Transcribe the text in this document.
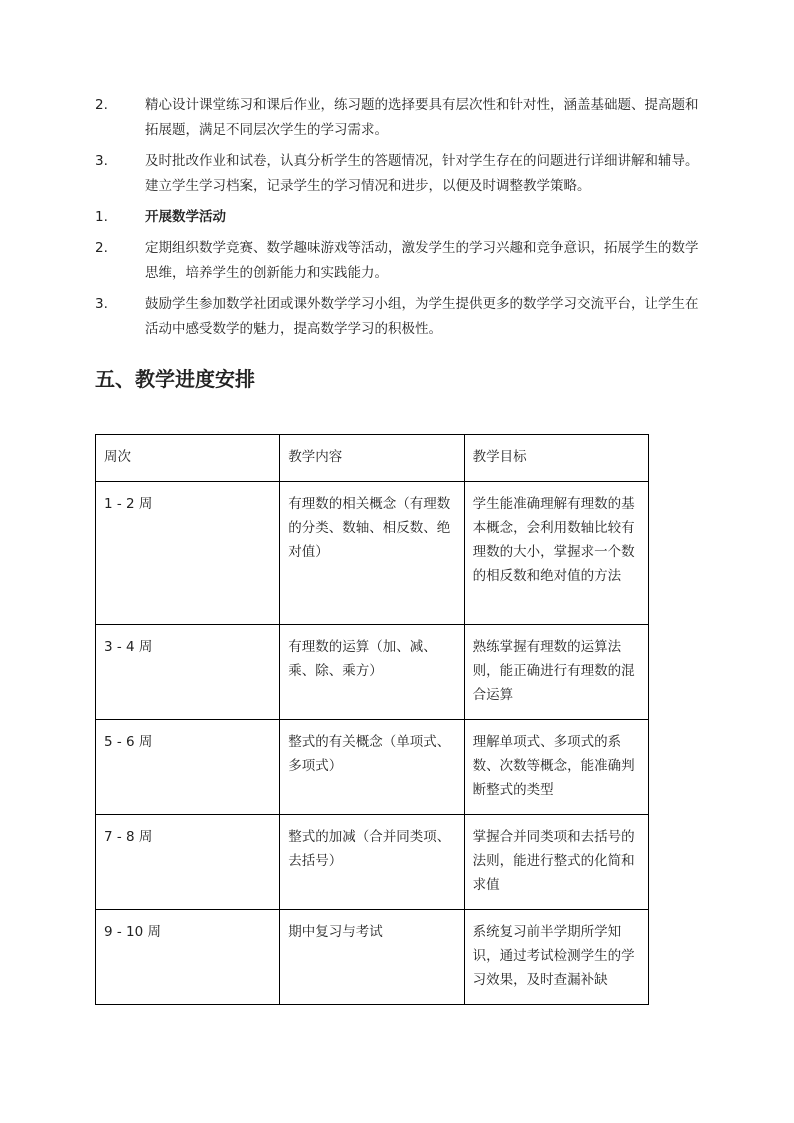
2.	精心设计课堂练习和课后作业，练习题的选择要具有层次性和针对性，涵盖基础题、提高题和拓展题，满足不同层次学生的学习需求。
3.	及时批改作业和试卷，认真分析学生的答题情况，针对学生存在的问题进行详细讲解和辅导。建立学生学习档案，记录学生的学习情况和进步，以便及时调整教学策略。
1.	开展数学活动
2.	定期组织数学竞赛、数学趣味游戏等活动，激发学生的学习兴趣和竞争意识，拓展学生的数学思维，培养学生的创新能力和实践能力。
3.	鼓励学生参加数学社团或课外数学学习小组，为学生提供更多的数学学习交流平台，让学生在活动中感受数学的魅力，提高数学学习的积极性。
五、教学进度安排
周次	教学内容	教学目标
1 - 2 周	有理数的相关概念（有理数的分类、数轴、相反数、绝对值）	学生能准确理解有理数的基本概念，会利用数轴比较有理数的大小，掌握求一个数的相反数和绝对值的方法
3 - 4 周	有理数的运算（加、减、乘、除、乘方）	熟练掌握有理数的运算法则，能正确进行有理数的混合运算
5 - 6 周	整式的有关概念（单项式、多项式）	理解单项式、多项式的系数、次数等概念，能准确判断整式的类型
7 - 8 周	整式的加减（合并同类项、去括号）	掌握合并同类项和去括号的法则，能进行整式的化简和求值
9 - 10 周	期中复习与考试	系统复习前半学期所学知识，通过考试检测学生的学习效果，及时查漏补缺
